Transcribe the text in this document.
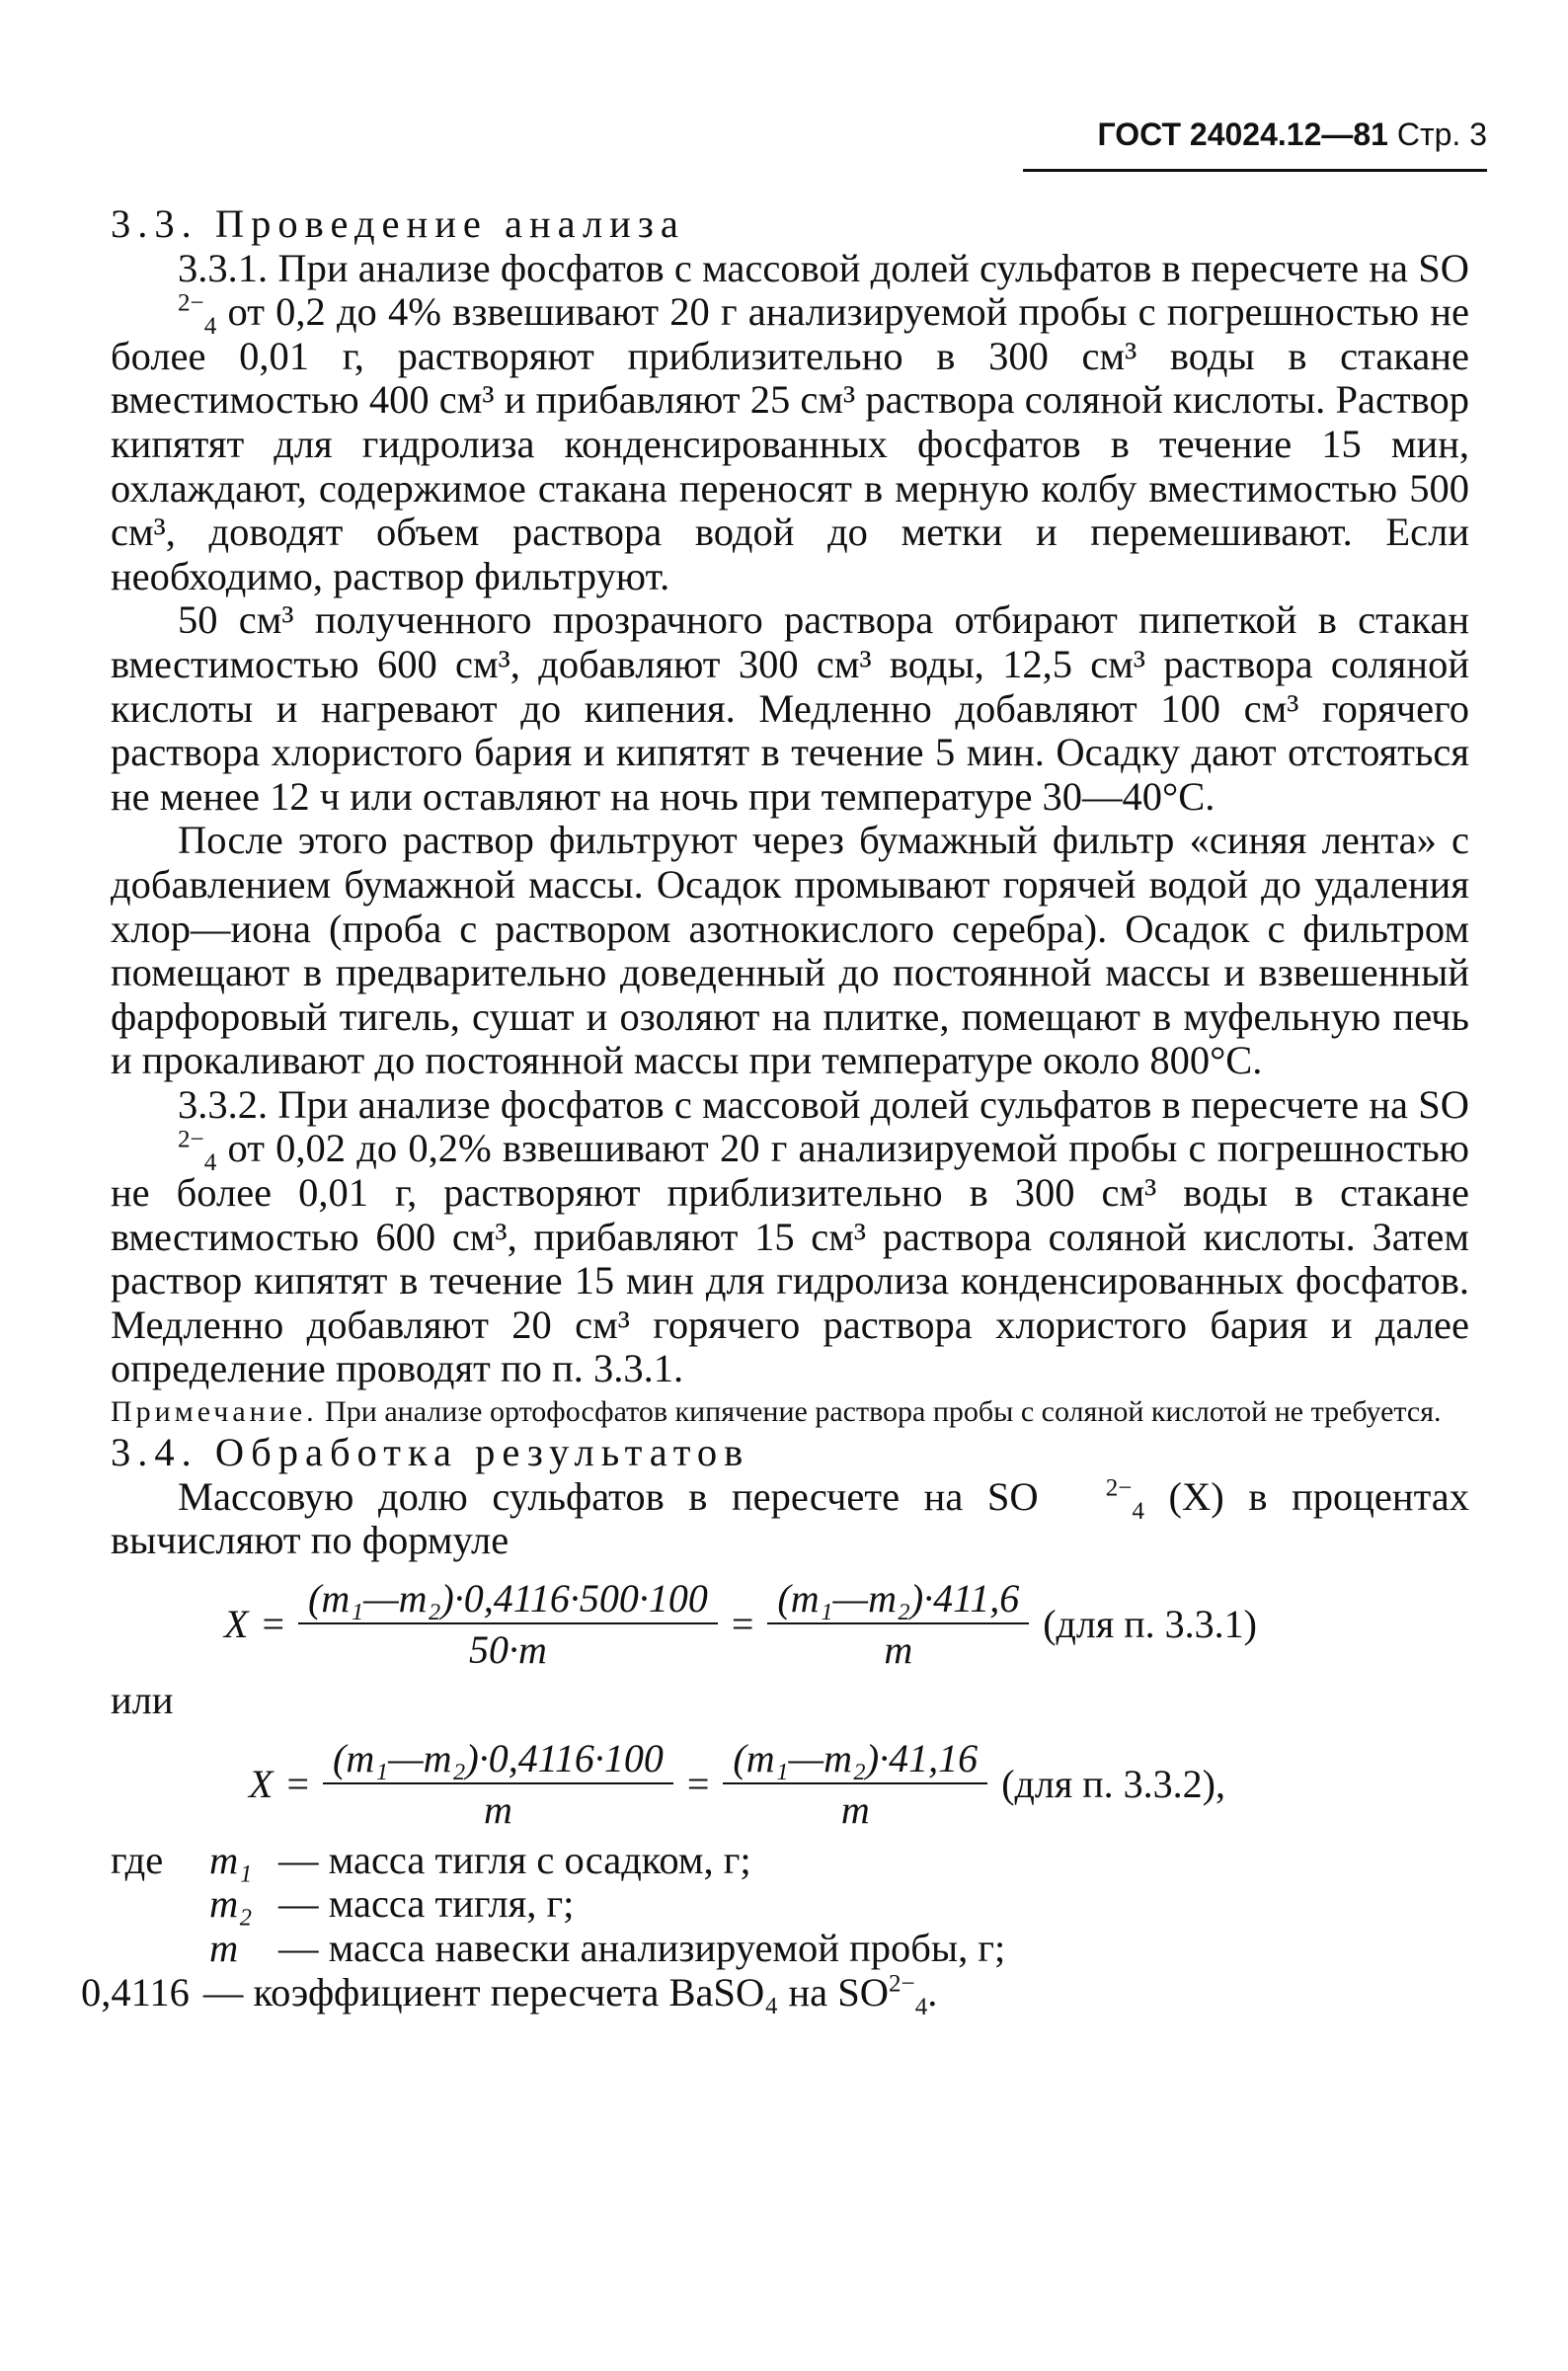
ГОСТ 24024.12—81 Стр. 3

3.3. Проведение анализа

3.3.1. При анализе фосфатов с массовой долей сульфатов в пересчете на $SO^{2-}_4$ от 0,2 до 4% взвешивают 20 г анализируемой пробы с погрешностью не более 0,01 г, растворяют приблизительно в 300 см³ воды в стакане вместимостью 400 см³ и прибавляют 25 см³ раствора соляной кислоты. Раствор кипятят для гидролиза конденсированных фосфатов в течение 15 мин, охлаждают, содержимое стакана переносят в мерную колбу вместимостью 500 см³, доводят объем раствора водой до метки и перемешивают. Если необходимо, раствор фильтруют.

50 см³ полученного прозрачного раствора отбирают пипеткой в стакан вместимостью 600 см³, добавляют 300 см³ воды, 12,5 см³ раствора соляной кислоты и нагревают до кипения. Медленно добавляют 100 см³ горячего раствора хлористого бария и кипятят в течение 5 мин. Осадку дают отстояться не менее 12 ч или оставляют на ночь при температуре 30—40°С.

После этого раствор фильтруют через бумажный фильтр «синяя лента» с добавлением бумажной массы. Осадок промывают горячей водой до удаления хлор—иона (проба с раствором азотнокислого серебра). Осадок с фильтром помещают в предварительно доведенный до постоянной массы и взвешенный фарфоровый тигель, сушат и озоляют на плитке, помещают в муфельную печь и прокаливают до постоянной массы при температуре около 800°С.

3.3.2. При анализе фосфатов с массовой долей сульфатов в пересчете на $SO^{2-}_4$ от 0,02 до 0,2% взвешивают 20 г анализируемой пробы с погрешностью не более 0,01 г, растворяют приблизительно в 300 см³ воды в стакане вместимостью 600 см³, прибавляют 15 см³ раствора соляной кислоты. Затем раствор кипятят в течение 15 мин для гидролиза конденсированных фосфатов. Медленно добавляют 20 см³ горячего раствора хлористого бария и далее определение проводят по п. 3.3.1.

Примечание. При анализе ортофосфатов кипячение раствора пробы с соляной кислотой не требуется.

3.4. Обработка результатов

Массовую долю сульфатов в пересчете на SO	$^{2-}_4$ (X) в процентах вычисляют по формуле

$X = \frac{\text{(m₁—m₂)·0,4116·500·100}}{50\cdot m} = \frac{\text{(m₁—m₂)·411,6}}{m} (для$ п. 3.3.1)

или

$X = \frac{\text{(m₁—m₂)·0,4116·100}}{m} = \frac{\text{(m₁—m₂)·41,16}}{m} (для$ п. 3.3.2),
где	m₁ — масса тигля с осадком, г;
m₂ — масса тигля, г;
m	— масса навески анализируемой пробы, г;
0,4116 — коэффициент пересчета BaSO₄ на SO $^{2-}_4$ .
